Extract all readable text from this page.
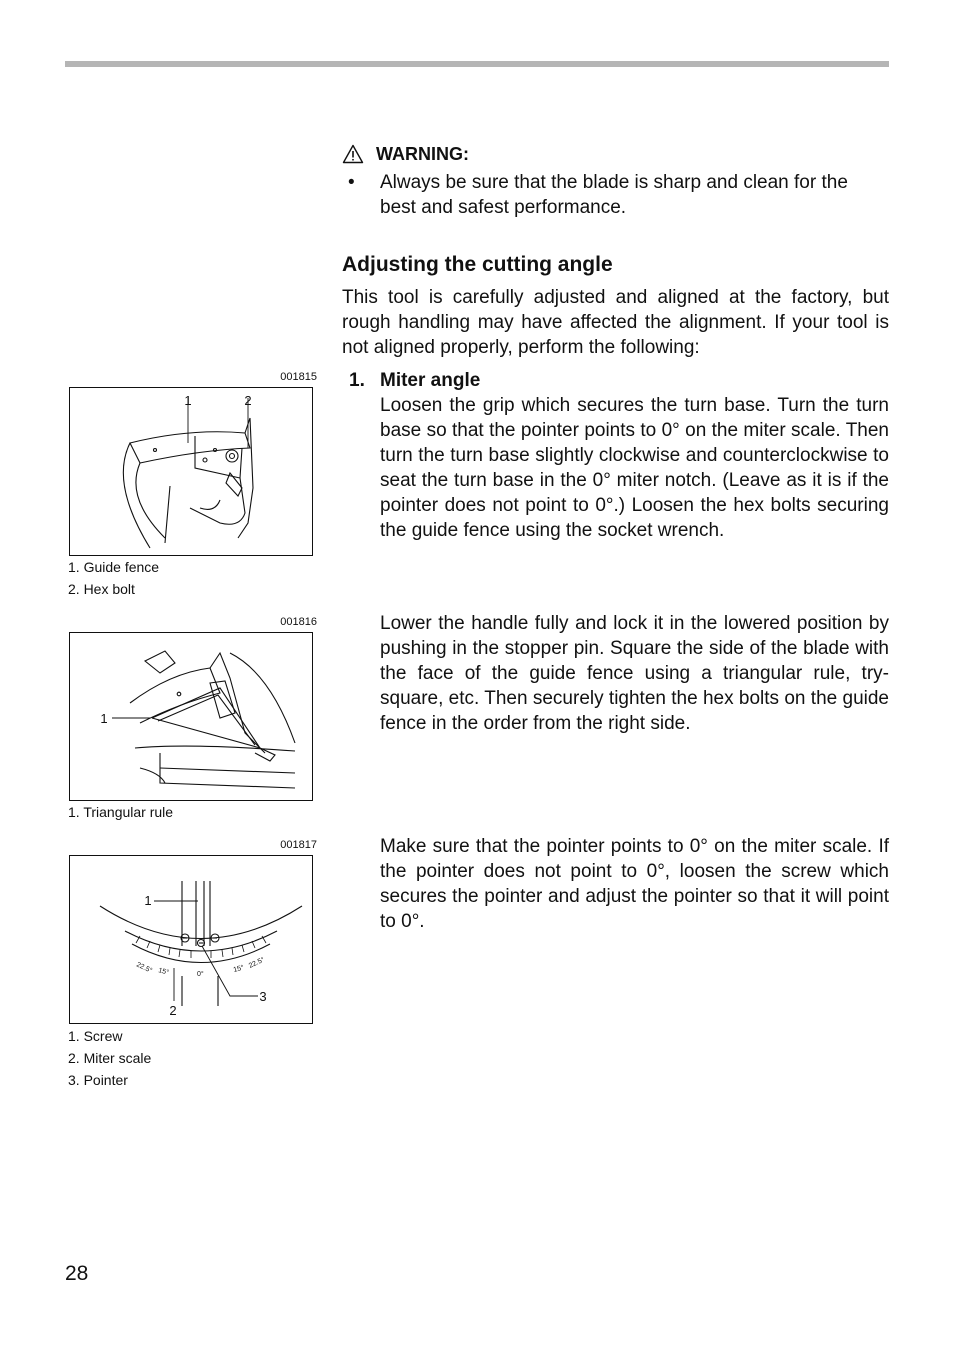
WARNING:
•	Always be sure that the blade is sharp and clean for the best and safest performance.
Adjusting the cutting angle

This tool is carefully adjusted and aligned at the factory, but rough handling may have affected the alignment. If your tool is not aligned properly, perform the following:

1. Miter angle

Loosen the grip which secures the turn base. Turn the turn base so that the pointer points to 0° on the miter scale. Then turn the turn base slightly clockwise and counterclockwise to seat the turn base in the 0° miter notch. (Leave as it is if the pointer does not point to 0°.) Loosen the hex bolts securing the guide fence using the socket wrench.

Lower the handle fully and lock it in the lowered position by pushing in the stopper pin. Square the side of the blade with the face of the guide fence using a triangular rule, try-square, etc. Then securely tighten the hex bolts on the guide fence in the order from the right side.

Make sure that the pointer points to 0° on the miter scale. If the pointer does not point to 0°, loosen the screw which secures the pointer and adjust the pointer so that it will point to 0°.

001815
1	2
1. Guide fence
2. Hex bolt
001816
1
1. Triangular rule
001817
22.5° 15°	0°
15° 22.5°
1
2
3
1. Screw
2. Miter scale
3. Pointer
28
